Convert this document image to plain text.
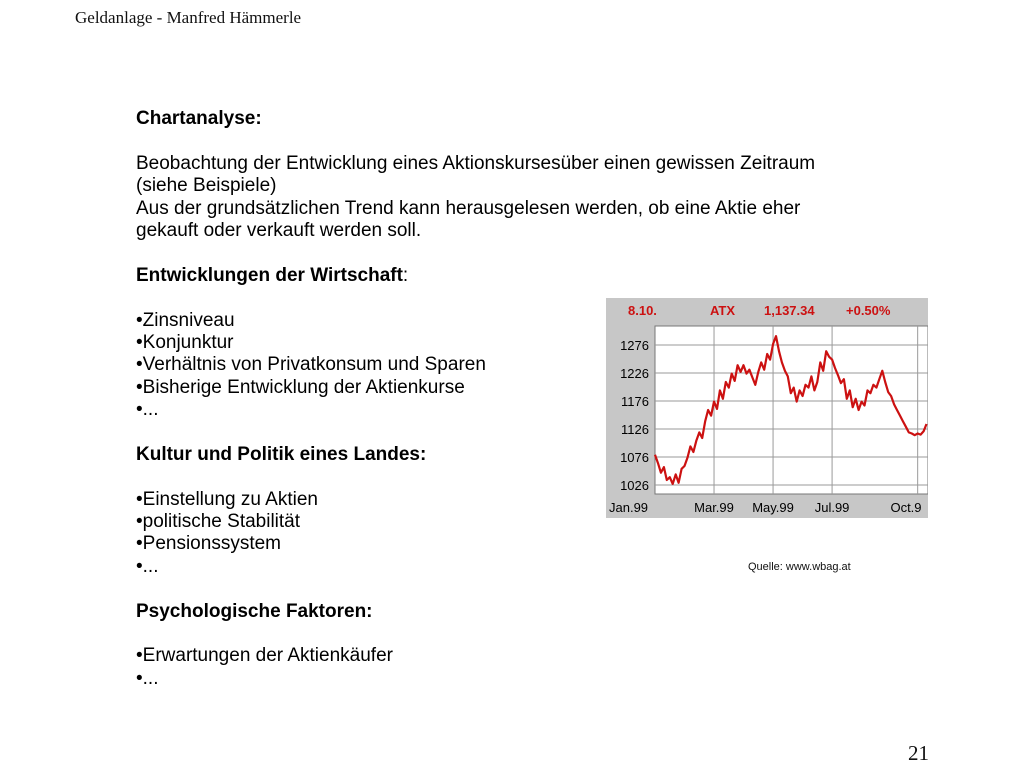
Geldanlage - Manfred Hämmerle
Chartanalyse:
Beobachtung der Entwicklung eines Aktionskursesüber einen gewissen Zeitraum
(siehe Beispiele)
Aus der grundsätzlichen Trend kann herausgelesen werden, ob eine Aktie eher
gekauft oder verkauft werden soll.
Entwicklungen der Wirtschaft:
•Zinsniveau
•Konjunktur
•Verhältnis von Privatkonsum und Sparen
•Bisherige Entwicklung der Aktienkurse
•...
Kultur und Politik eines Landes:
•Einstellung zu Aktien
•politische Stabilität
•Pensionssystem
•...
Psychologische Faktoren:
•Erwartungen der Aktienkäufer
•...
8.10.	ATX 1,137.34 +0.50%
1276
1226
1176
1126
1076
1026
Jan.99	Mar.99 May.99 Jul.99	Oct.9
Quelle: www.wbag.at
21
